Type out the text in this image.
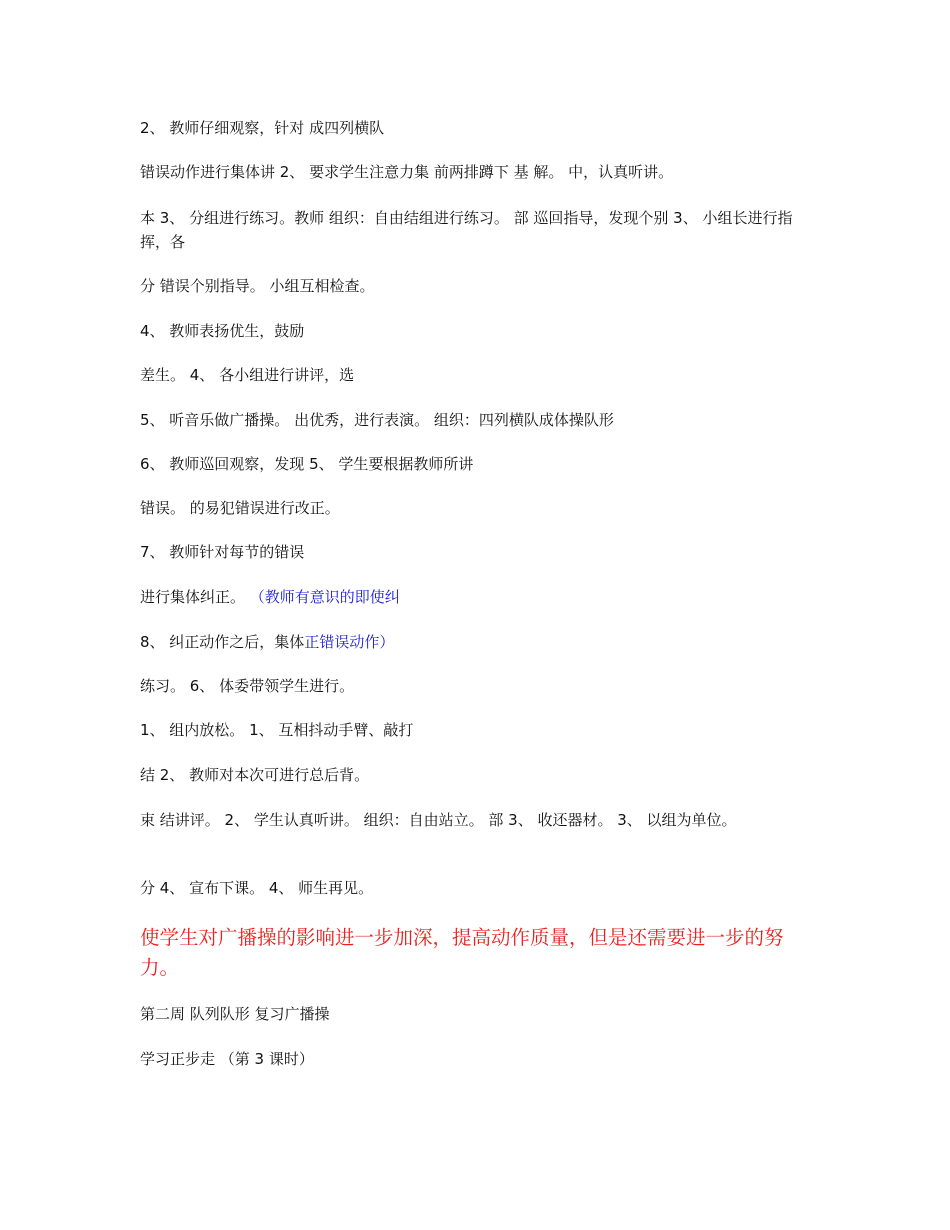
2、 教师仔细观察，针对 成四列横队
错误动作进行集体讲 2、 要求学生注意力集 前两排蹲下 基 解。 中，认真听讲。
本 3、 分组进行练习。教师 组织：自由结组进行练习。 部 巡回指导，发现个别 3、 小组长进行指挥，各
分 错误个别指导。 小组互相检查。
4、 教师表扬优生，鼓励
差生。 4、 各小组进行讲评，选
5、 听音乐做广播操。 出优秀，进行表演。 组织：四列横队成体操队形
6、 教师巡回观察，发现 5、 学生要根据教师所讲
错误。 的易犯错误进行改正。
7、 教师针对每节的错误
进行集体纠正。 （教师有意识的即使纠
8、 纠正动作之后，集体正错误动作）
练习。 6、 体委带领学生进行。
1、 组内放松。 1、 互相抖动手臂、敲打
结 2、 教师对本次可进行总后背。
束 结讲评。 2、 学生认真听讲。 组织：自由站立。 部 3、 收还器材。 3、 以组为单位。
分 4、 宣布下课。 4、 师生再见。
使学生对广播操的影响进一步加深，提高动作质量，但是还需要进一步的努力。
第二周 队列队形 复习广播操
学习正步走 （第 3 课时）
